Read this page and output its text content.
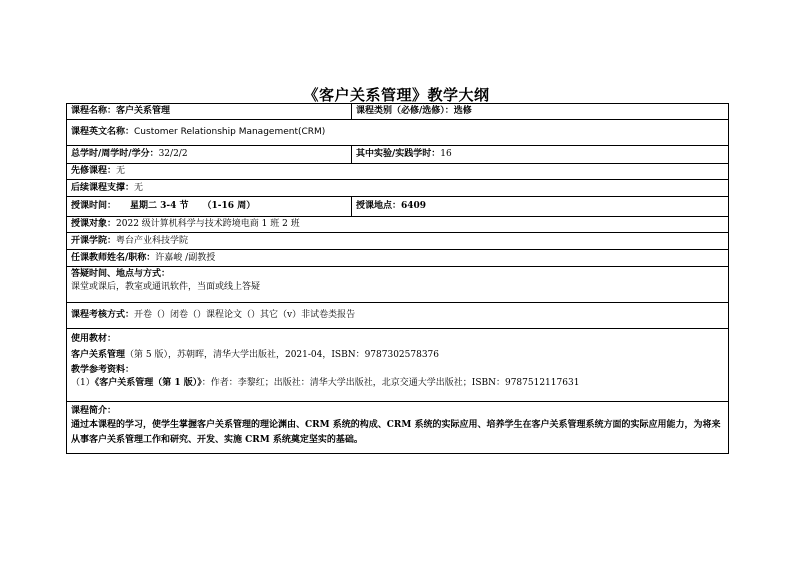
《客户关系管理》教学大纲
课程名称：客户关系管理	课程类别（必修/选修）：选修
课程英文名称：Customer Relationship Management(CRM)	
总学时/周学时/学分：32/2/2	其中实验/实践学时：16
先修课程：无	
后续课程支撑：无	
授课时间： 星期二 3-4 节 （1-16 周）	授课地点：6409
授课对象：2022 级计算机科学与技术跨境电商 1 班 2 班	
开课学院：粤台产业科技学院	
任课教师姓名/职称：许嘉峻 /副教授	

答疑时间、地点与方式：
课堂或课后，教室或通讯软件，当面或线上答疑	

课程考核方式：开卷（）闭卷（）课程论文（）其它（v）非试卷类报告	

使用教材：
客户关系管理（第 5 版），苏朝晖，清华大学出版社，2021-04，ISBN：9787302578376
教学参考资料：
（1）《客户关系管理（第 1 版）》：作者：李黎红；出版社：清华大学出版社，北京交通大学出版社；ISBN：9787512117631	

课程简介：
通过本课程的学习，使学生掌握客户关系管理的理论渊由、CRM 系统的构成、CRM 系统的实际应用、培养学生在客户关系管理系统方面的实际应用能力，为将来从事客户关系管理工作和研究、开发、实施 CRM 系统奠定坚实的基础。	
